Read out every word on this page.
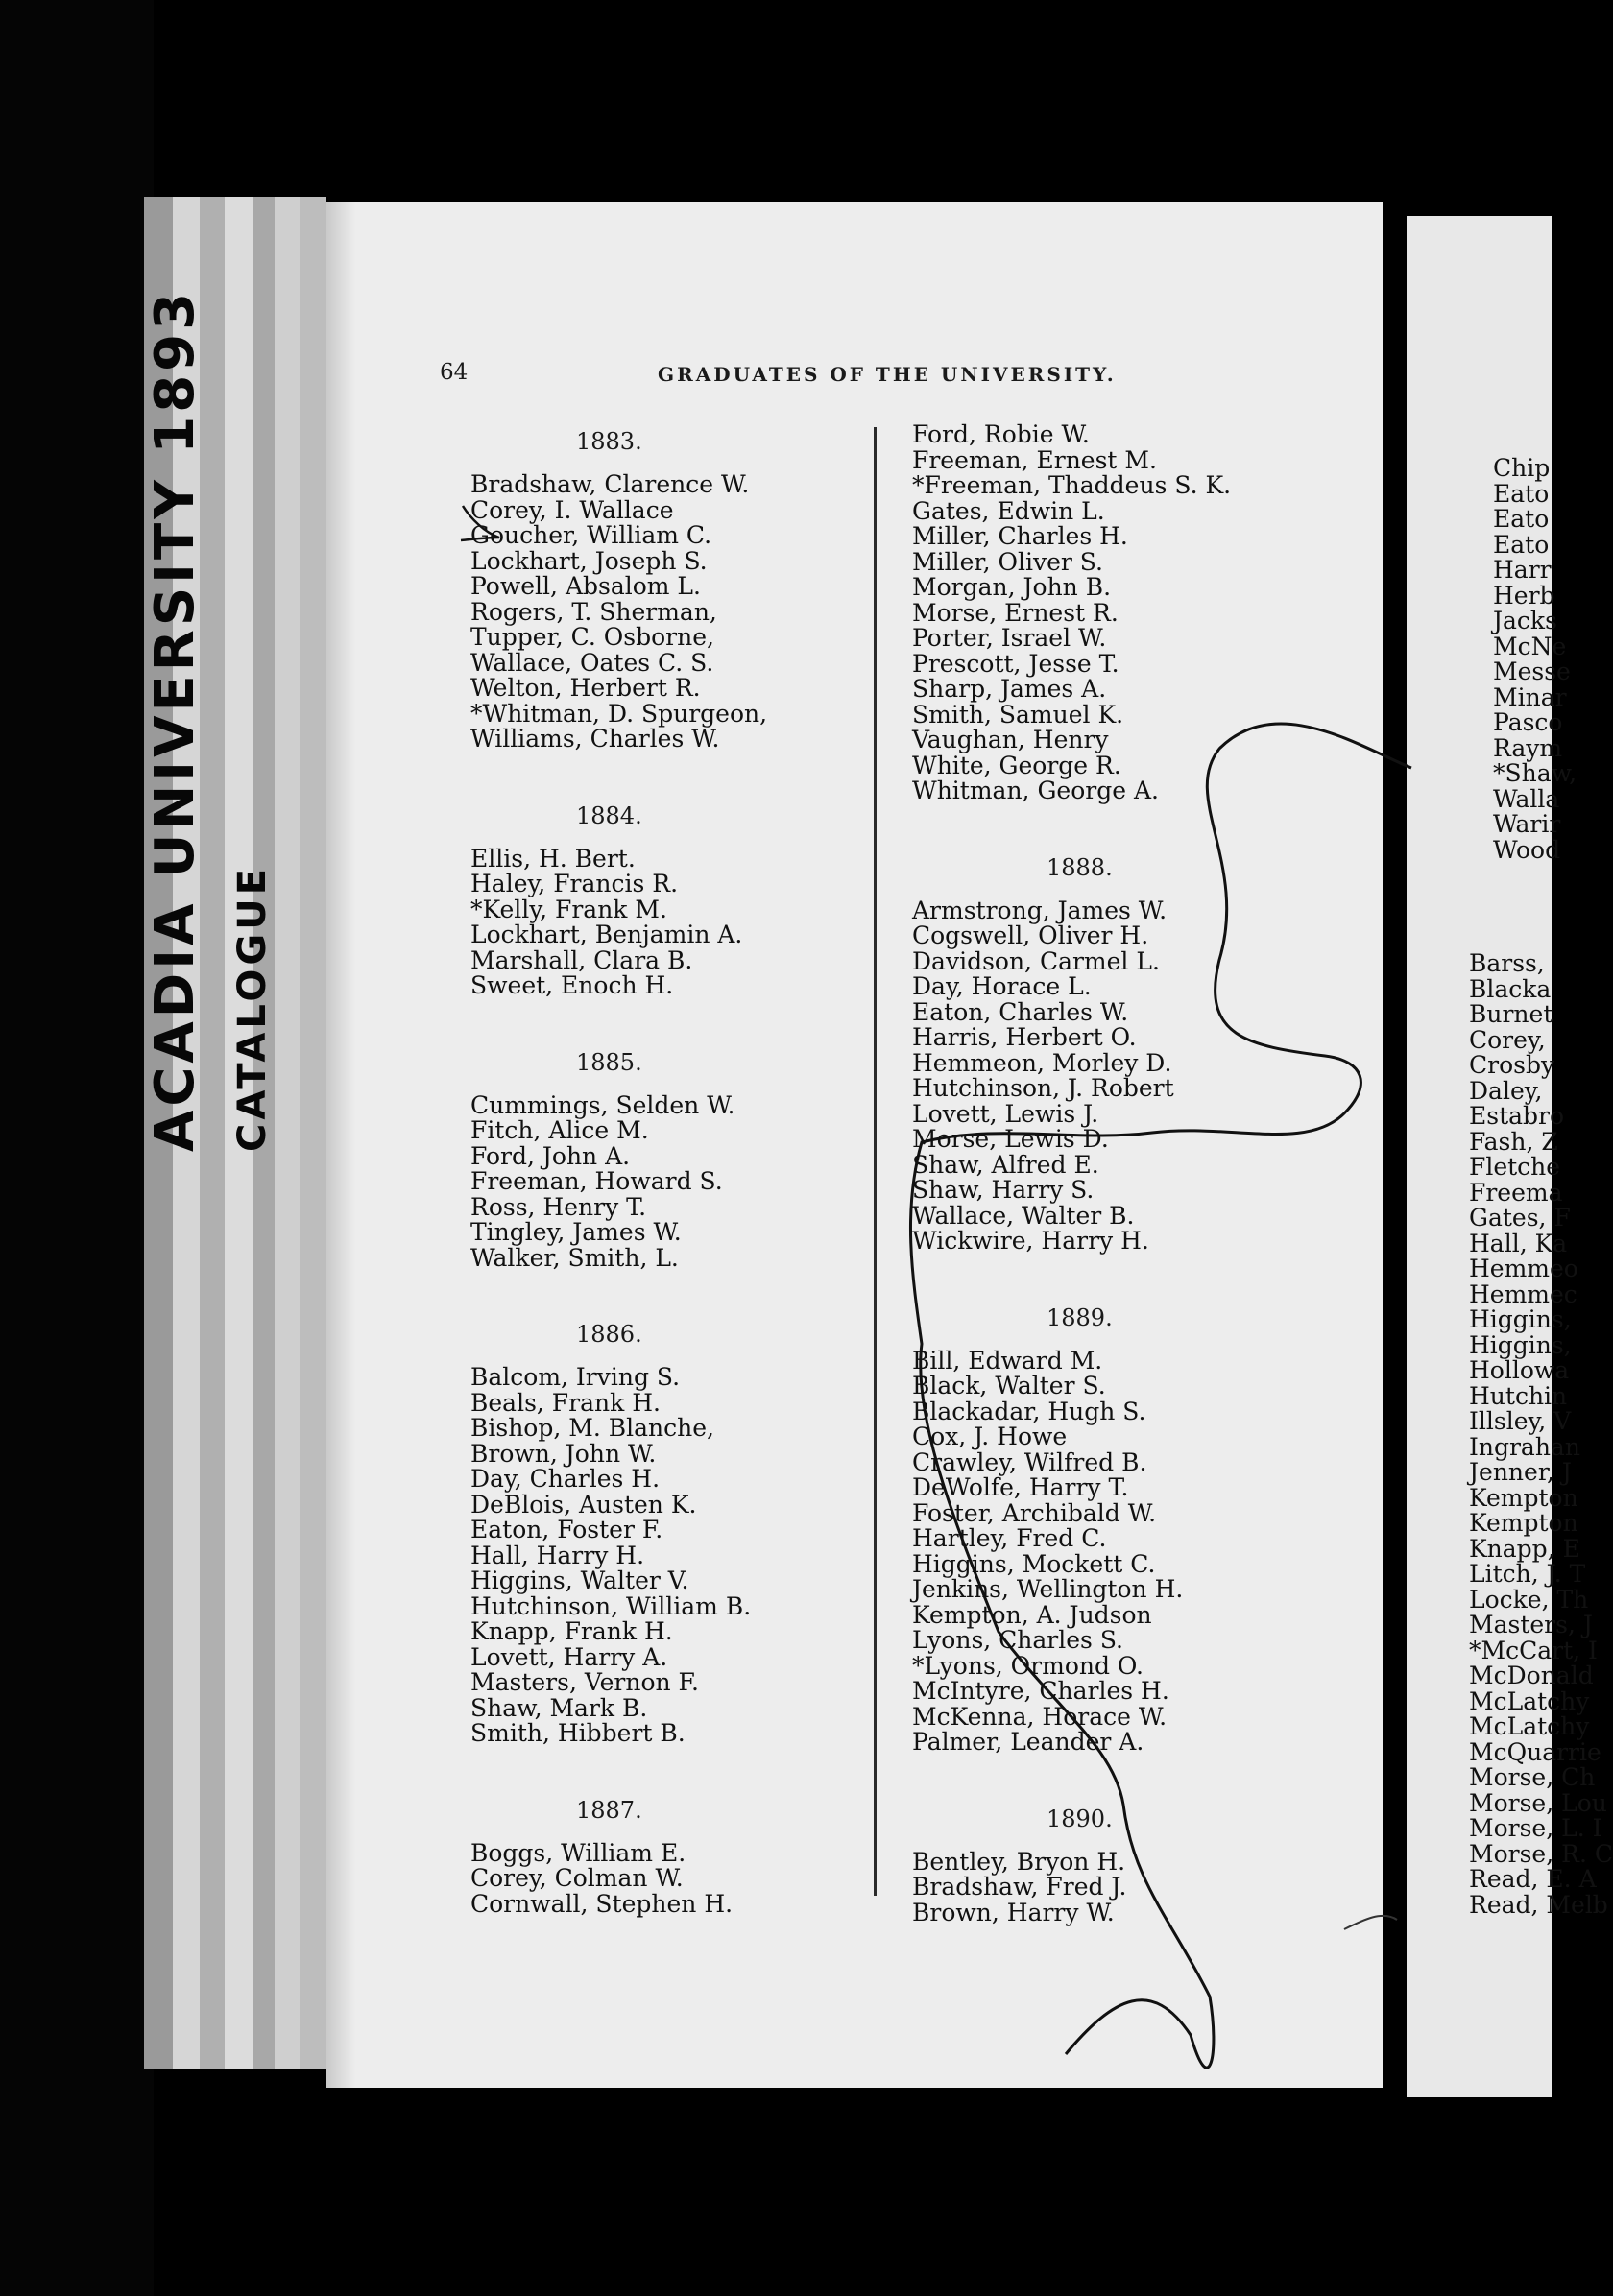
ACADIA UNIVERSITY 1893 CATALOGUE
64	GRADUATES OF THE UNIVERSITY.
1883.
Bradshaw, Clarence W.
Corey, I. Wallace
Goucher, William C.
Lockhart, Joseph S.
Powell, Absalom L.
Rogers, T. Sherman,
Tupper, C. Osborne,
Wallace, Oates C. S.
Welton, Herbert R.
*Whitman, D. Spurgeon,
Williams, Charles W.
1884.
Ellis, H. Bert.
Haley, Francis R.
*Kelly, Frank M.
Lockhart, Benjamin A.
Marshall, Clara B.
Sweet, Enoch H.
1885.
Cummings, Selden W.
Fitch, Alice M.
Ford, John A.
Freeman, Howard S.
Ross, Henry T.
Tingley, James W.
Walker, Smith, L.
1886.
Balcom, Irving S.
Beals, Frank H.
Bishop, M. Blanche,
Brown, John W.
Day, Charles H.
DeBlois, Austen K.
Eaton, Foster F.
Hall, Harry H.
Higgins, Walter V.
Hutchinson, William B.
Knapp, Frank H.
Lovett, Harry A.
Masters, Vernon F.
Shaw, Mark B.
Smith, Hibbert B.
1887.
Boggs, William E.
Corey, Colman W.
Cornwall, Stephen H.
Ford, Robie W.
Freeman, Ernest M.
*Freeman, Thaddeus S. K.
Gates, Edwin L.
Miller, Charles H.
Miller, Oliver S.
Morgan, John B.
Morse, Ernest R.
Porter, Israel W.
Prescott, Jesse T.
Sharp, James A.
Smith, Samuel K.
Vaughan, Henry
White, George R.
Whitman, George A.
1888.
Armstrong, James W.
Cogswell, Oliver H.
Davidson, Carmel L.
Day, Horace L.
Eaton, Charles W.
Harris, Herbert O.
Hemmeon, Morley D.
Hutchinson, J. Robert
Lovett, Lewis J.
Morse, Lewis D.
Shaw, Alfred E.
Shaw, Harry S.
Wallace, Walter B.
Wickwire, Harry H.
1889.
Bill, Edward M.
Black, Walter S.
Blackadar, Hugh S.
Cox, J. Howe
Crawley, Wilfred B.
DeWolfe, Harry T.
Foster, Archibald W.
Hartley, Fred C.
Higgins, Mockett C.
Jenkins, Wellington H.
Kempton, A. Judson
Lyons, Charles S.
*Lyons, Ormond O.
McIntyre, Charles H.
McKenna, Horace W.
Palmer, Leander A.
1890.
Bentley, Bryon H.
Bradshaw, Fred J.
Brown, Harry W.
Chip
Eato
Eato
Eato
Harr
Herb
Jacks
McNe
Messe
Minar
Pasco
Raym
*Shaw,
Walla
Warir
Wood
Barss,
Blacka
Burnet
Corey,
Crosby
Daley,
Estabro
Fash, Z
Fletche
Freema
Gates, F
Hall, Ka
Hemmeo
Hemmec
Higgins,
Higgins,
Hollowa
Hutchin
Illsley, V
Ingrahan
Jenner, J
Kempton
Kempton
Knapp, E
Litch, J. T
Locke, Th
Masters, J
*McCart, I
McDonald
McLatchy
McLatchy
McQuarrie
Morse, Ch
Morse, Lou
Morse, L. I
Morse, R. C
Read, E. A
Read, Melb
